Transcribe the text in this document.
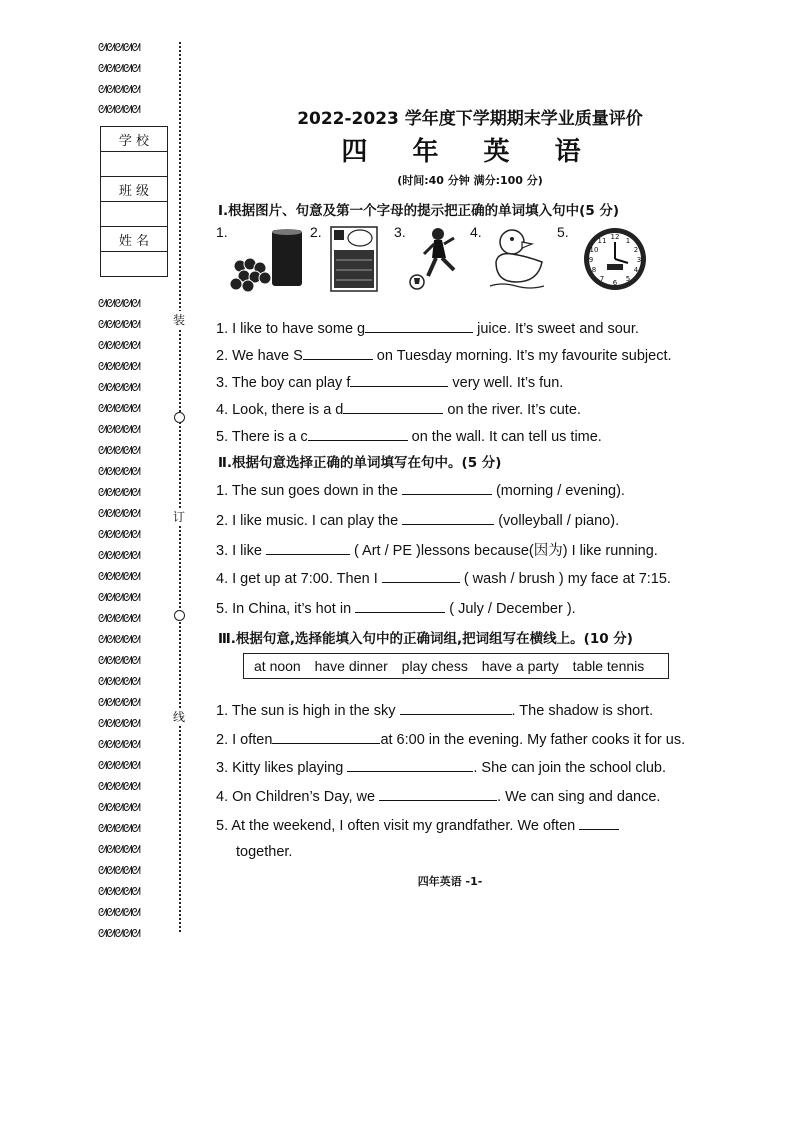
ᘛᘛᘛᘛᘛ
ᘛᘛᘛᘛᘛ
ᘛᘛᘛᘛᘛ
ᘛᘛᘛᘛᘛ
学 校

班 级

姓 名

ᘛᘛᘛᘛᘛ
ᘛᘛᘛᘛᘛ
ᘛᘛᘛᘛᘛ
ᘛᘛᘛᘛᘛ
ᘛᘛᘛᘛᘛ
ᘛᘛᘛᘛᘛ
ᘛᘛᘛᘛᘛ
ᘛᘛᘛᘛᘛ
ᘛᘛᘛᘛᘛ
ᘛᘛᘛᘛᘛ
ᘛᘛᘛᘛᘛ
ᘛᘛᘛᘛᘛ
ᘛᘛᘛᘛᘛ
ᘛᘛᘛᘛᘛ
ᘛᘛᘛᘛᘛ
ᘛᘛᘛᘛᘛ
ᘛᘛᘛᘛᘛ
ᘛᘛᘛᘛᘛ
ᘛᘛᘛᘛᘛ
ᘛᘛᘛᘛᘛ
ᘛᘛᘛᘛᘛ
ᘛᘛᘛᘛᘛ
ᘛᘛᘛᘛᘛ
ᘛᘛᘛᘛᘛ
ᘛᘛᘛᘛᘛ
ᘛᘛᘛᘛᘛ
ᘛᘛᘛᘛᘛ
ᘛᘛᘛᘛᘛ
ᘛᘛᘛᘛᘛ
ᘛᘛᘛᘛᘛ
ᘛᘛᘛᘛᘛ
装
订
线
2022-2023 学年度下学期期末学业质量评价
四 年 英 语
(时间:40 分钟 满分:100 分)
Ⅰ.根据图片、句意及第一个字母的提示把正确的单词填入句中(5 分)
1.	2.	3.	4.	5.	12 1
2
3
4
5
6
7
8
9
10
11
1. I like to have some g	juice. It’s sweet and sour.
2. We have S	on Tuesday morning. It’s my favourite subject.
3. The boy can play f	very well. It’s fun.
4. Look, there is a d	on the river. It’s cute.
5. There is a c	on the wall. It can tell us time.
Ⅱ.根据句意选择正确的单词填写在句中。(5 分)
1. The sun goes down in the	(morning / evening).
2. I like music. I can play the	(volleyball / piano).
3. I like	( Art / PE )lessons because(因为) I like running.
4. I get up at 7:00. Then I	( wash / brush ) my face at 7:15.
5. In China, it’s hot in	( July / December ).
Ⅲ.根据句意,选择能填入句中的正确词组,把词组写在横线上。(10 分)
at noon have dinner play chess have a party table tennis
1. The sun is high in the sky	. The shadow is short.
2. I often	at 6:00 in the evening. My father cooks it for us.
3. Kitty likes playing	. She can join the school club.
4. On Children’s Day, we	. We can sing and dance.
5. At the weekend, I often visit my grandfather. We often
together.
四年英语 -1-
